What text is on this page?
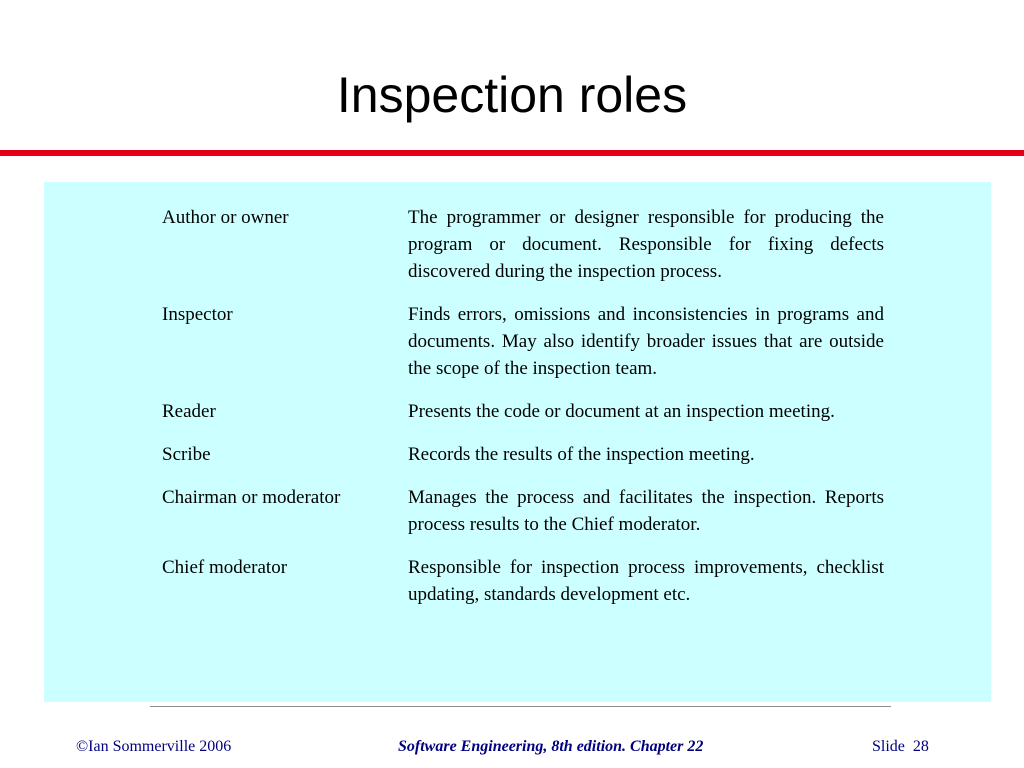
Inspection roles
Author or owner	The programmer or designer responsible for producing the program or document. Responsible for fixing defects discovered during the inspection process.
Inspector	Finds errors, omissions and inconsistencies in programs and documents. May also identify broader issues that are outside the scope of the inspection team.
Reader	Presents the code or document at an inspection meeting.
Scribe	Records the results of the inspection meeting.
Chairman or moderator	Manages the process and facilitates the inspection. Reports process results to the Chief moderator.
Chief moderator	Responsible for inspection process improvements, checklist updating, standards development etc.
©Ian Sommerville 2006	Software Engineering, 8th edition. Chapter 22	Slide 28
